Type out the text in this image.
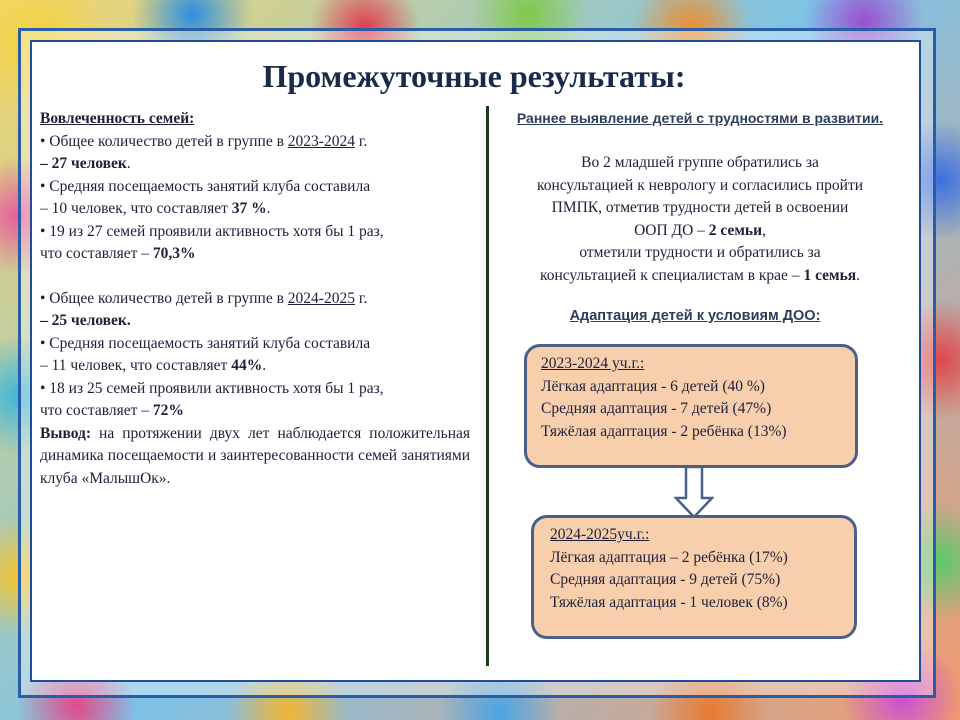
Промежуточные результаты:

Вовлеченность семей:

• Общее количество детей в группе в 2023-2024 г.

– 27 человек.

• Средняя посещаемость занятий клуба составила

– 10 человек, что составляет 37 %.

• 19 из 27 семей проявили активность хотя бы 1 раз,

что составляет – 70,3%

• Общее количество детей в группе в 2024-2025 г.

– 25 человек.

• Средняя посещаемость занятий клуба составила

– 11 человек, что составляет 44%.

• 18 из 25 семей проявили активность хотя бы 1 раз,

что составляет – 72%

Вывод: на протяжении двух лет наблюдается положительная динамика посещаемости и заинтересованности семей занятиями клуба «МалышОк».

Раннее выявление детей с трудностями в развитии.

Во 2 младшей группе обратились за

консультацией к неврологу и согласились пройти

ПМПК, отметив трудности детей в освоении

ООП ДО – 2 семьи,

отметили трудности и обратились за

консультацией к специалистам в крае – 1 семья.

Адаптация детей к условиям ДОО:

2023-2024 уч.г.:

Лёгкая адаптация - 6 детей (40 %)

Средняя адаптация - 7 детей (47%)

Тяжёлая адаптация - 2 ребёнка (13%)

2024-2025уч.г.:

Лёгкая адаптация – 2 ребёнка (17%)

Средняя адаптация - 9 детей (75%)

Тяжёлая адаптация - 1 человек (8%)
